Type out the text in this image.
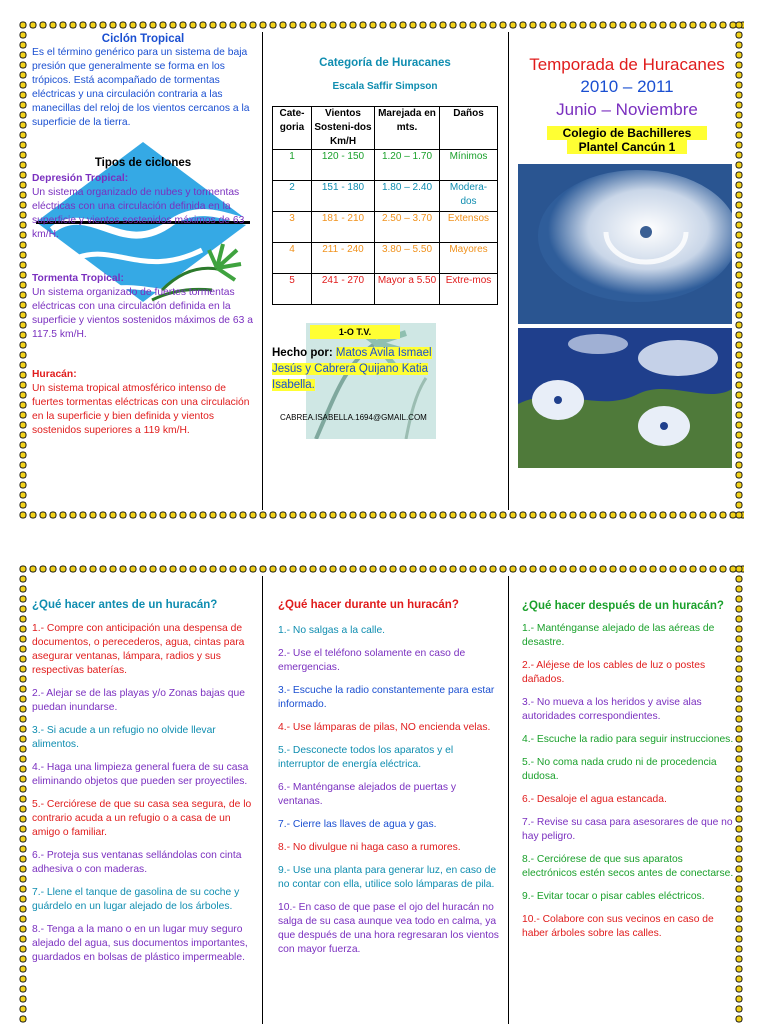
Ciclón Tropical

Es el término genérico para un sistema de baja presión que generalmente se forma en los trópicos. Está acompañado de tormentas eléctricas y una circulación contraria a las manecillas del reloj de los vientos cercanos a la superficie de la tierra.

Tipos de ciclones

Depresión Tropical:

Un sistema organizado de nubes y tormentas eléctricas con una circulación definida en la superficie y vientos sostenidos máximos de 63 km/H.

Tormenta Tropical:

Un sistema organizado de fuertes tormentas eléctricas con una circulación definida en la superficie y vientos sostenidos máximos de 63 a 117.5 km/H.

Huracán:

Un sistema tropical atmosférico intenso de fuertes tormentas eléctricas con una circulación en la superficie y bien definida y vientos sostenidos superiores a 119 km/H.

Categoría de Huracanes
Escala Saffir Simpson
Cate-goria	Vientos Sosteni-dos Km/H	Marejada en mts.	Daños
1	120 - 150	1.20 – 1.70	Mínimos
2	151 - 180	1.80 – 2.40	Modera-dos
3	181 - 210	2.50 – 3.70	Extensos
4	211 - 240	3.80 – 5.50	Mayores
5	241 - 270	Mayor a 5.50	Extre-mos
1-O T.V.
Hecho por: Matos Avila Ismael Jesús y Cabrera Quijano Katia Isabella.
CABREA.ISABELLA.1694@GMAIL.COM
Temporada de Huracanes
2010 – 2011
Junio – Noviembre
Colegio de Bachilleres
Plantel Cancún 1
¿Qué hacer antes de un huracán?

1.- Compre con anticipación una despensa de documentos, o perecederos, agua, cintas para asegurar ventanas, lámpara, radios y sus respectivas baterías.

2.- Alejar se de las playas y/o Zonas bajas que puedan inundarse.

3.- Si acude a un refugio no olvide llevar alimentos.

4.- Haga una limpieza general fuera de su casa eliminando objetos que pueden ser proyectiles.

5.- Cerciórese de que su casa sea segura, de lo contrario acuda a un refugio o a casa de un amigo o familiar.

6.- Proteja sus ventanas sellándolas con cinta adhesiva o con maderas.

7.- Llene el tanque de gasolina de su coche y guárdelo en un lugar alejado de los árboles.

8.- Tenga a la mano o en un lugar muy seguro alejado del agua, sus documentos importantes, guardados en bolsas de plástico impermeable.

¿Qué hacer durante un huracán?

1.- No salgas a la calle.

2.- Use el teléfono solamente en caso de emergencias.

3.- Escuche la radio constantemente para estar informado.

4.- Use lámparas de pilas, NO encienda velas.

5.- Desconecte todos los aparatos y el interruptor de energía eléctrica.

6.- Manténganse alejados de puertas y ventanas.

7.- Cierre las llaves de agua y gas.

8.- No divulgue ni haga caso a rumores.

9.- Use una planta para generar luz, en caso de no contar con ella, utilice solo lámparas de pila.

10.- En caso de que pase el ojo del huracán no salga de su casa aunque vea todo en calma, ya que después de una hora regresaran los vientos con mayor fuerza.

¿Qué hacer después de un huracán?

1.- Manténganse alejado de las aéreas de desastre.

2.- Aléjese de los cables de luz o postes dañados.

3.- No mueva a los heridos y avise alas autoridades correspondientes.

4.- Escuche la radio para seguir instrucciones.

5.- No coma nada crudo ni de procedencia dudosa.

6.- Desaloje el agua estancada.

7.- Revise su casa para asesorares de que no hay peligro.

8.- Cerciórese de que sus aparatos electrónicos estén secos antes de conectarse.

9.- Evitar tocar o pisar cables eléctricos.

10.- Colabore con sus vecinos en caso de haber árboles sobre las calles.
